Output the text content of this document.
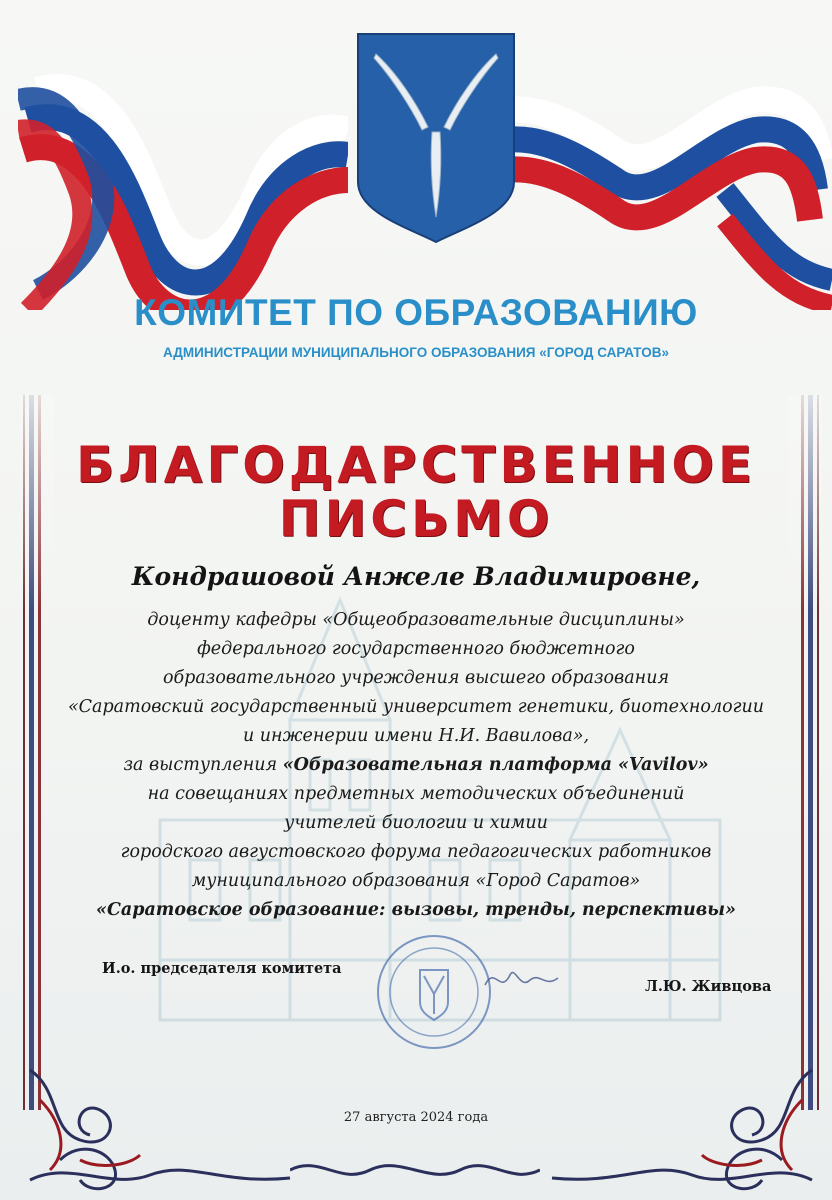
КОМИТЕТ ПО ОБРАЗОВАНИЮ
АДМИНИСТРАЦИИ МУНИЦИПАЛЬНОГО ОБРАЗОВАНИЯ «ГОРОД САРАТОВ»
БЛАГОДАРСТВЕННОЕ
ПИСЬМО
Кондрашовой Анжеле Владимировне,
доценту кафедры «Общеобразовательные дисциплины»
федерального государственного бюджетного
образовательного учреждения высшего образования
«Саратовский государственный университет генетики, биотехнологии
и инженерии имени Н.И. Вавилова»,
за выступления «Образовательная платформа «Vavilov»
на совещаниях предметных методических объединений
учителей биологии и химии
городского августовского форума педагогических работников
муниципального образования «Город Саратов»
«Саратовское образование: вызовы, тренды, перспективы»
И.о. председателя комитета
Л.Ю. Живцова
27 августа 2024 года
